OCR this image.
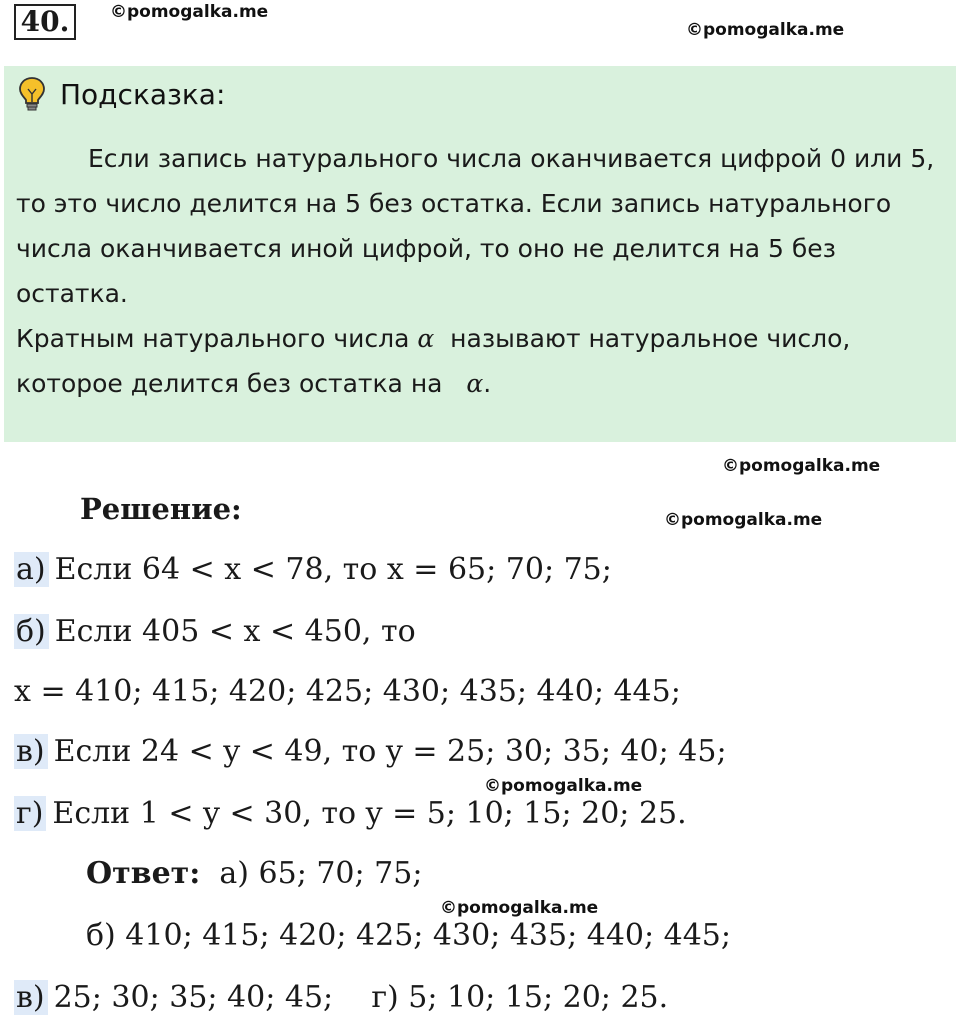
40.	©pomogalka.me
©pomogalka.me
Подсказка:

Если запись натурального числа оканчивается цифрой 0 или 5, то это число делится на 5 без остатка. Если запись натурального числа оканчивается иной цифрой, то оно не делится на 5 без остатка.

Кратным натурального числа α называют натуральное число, которое делится без остатка на α.

©pomogalka.me
Решение:	©pomogalka.me
а) Если 64 < x < 78, то x = 65; 70; 75;
б) Если 405 < x < 450, то
x = 410; 415; 420; 425; 430; 435; 440; 445;
в) Если 24 < y < 49, то y = 25; 30; 35; 40; 45;
©pomogalka.me
г) Если 1 < y < 30, то y = 5; 10; 15; 20; 25.
Ответ: а) 65; 70; 75;
©pomogalka.me
б) 410; 415; 420; 425; 430; 435; 440; 445;
в) 25; 30; 35; 40; 45; г) 5; 10; 15; 20; 25.
